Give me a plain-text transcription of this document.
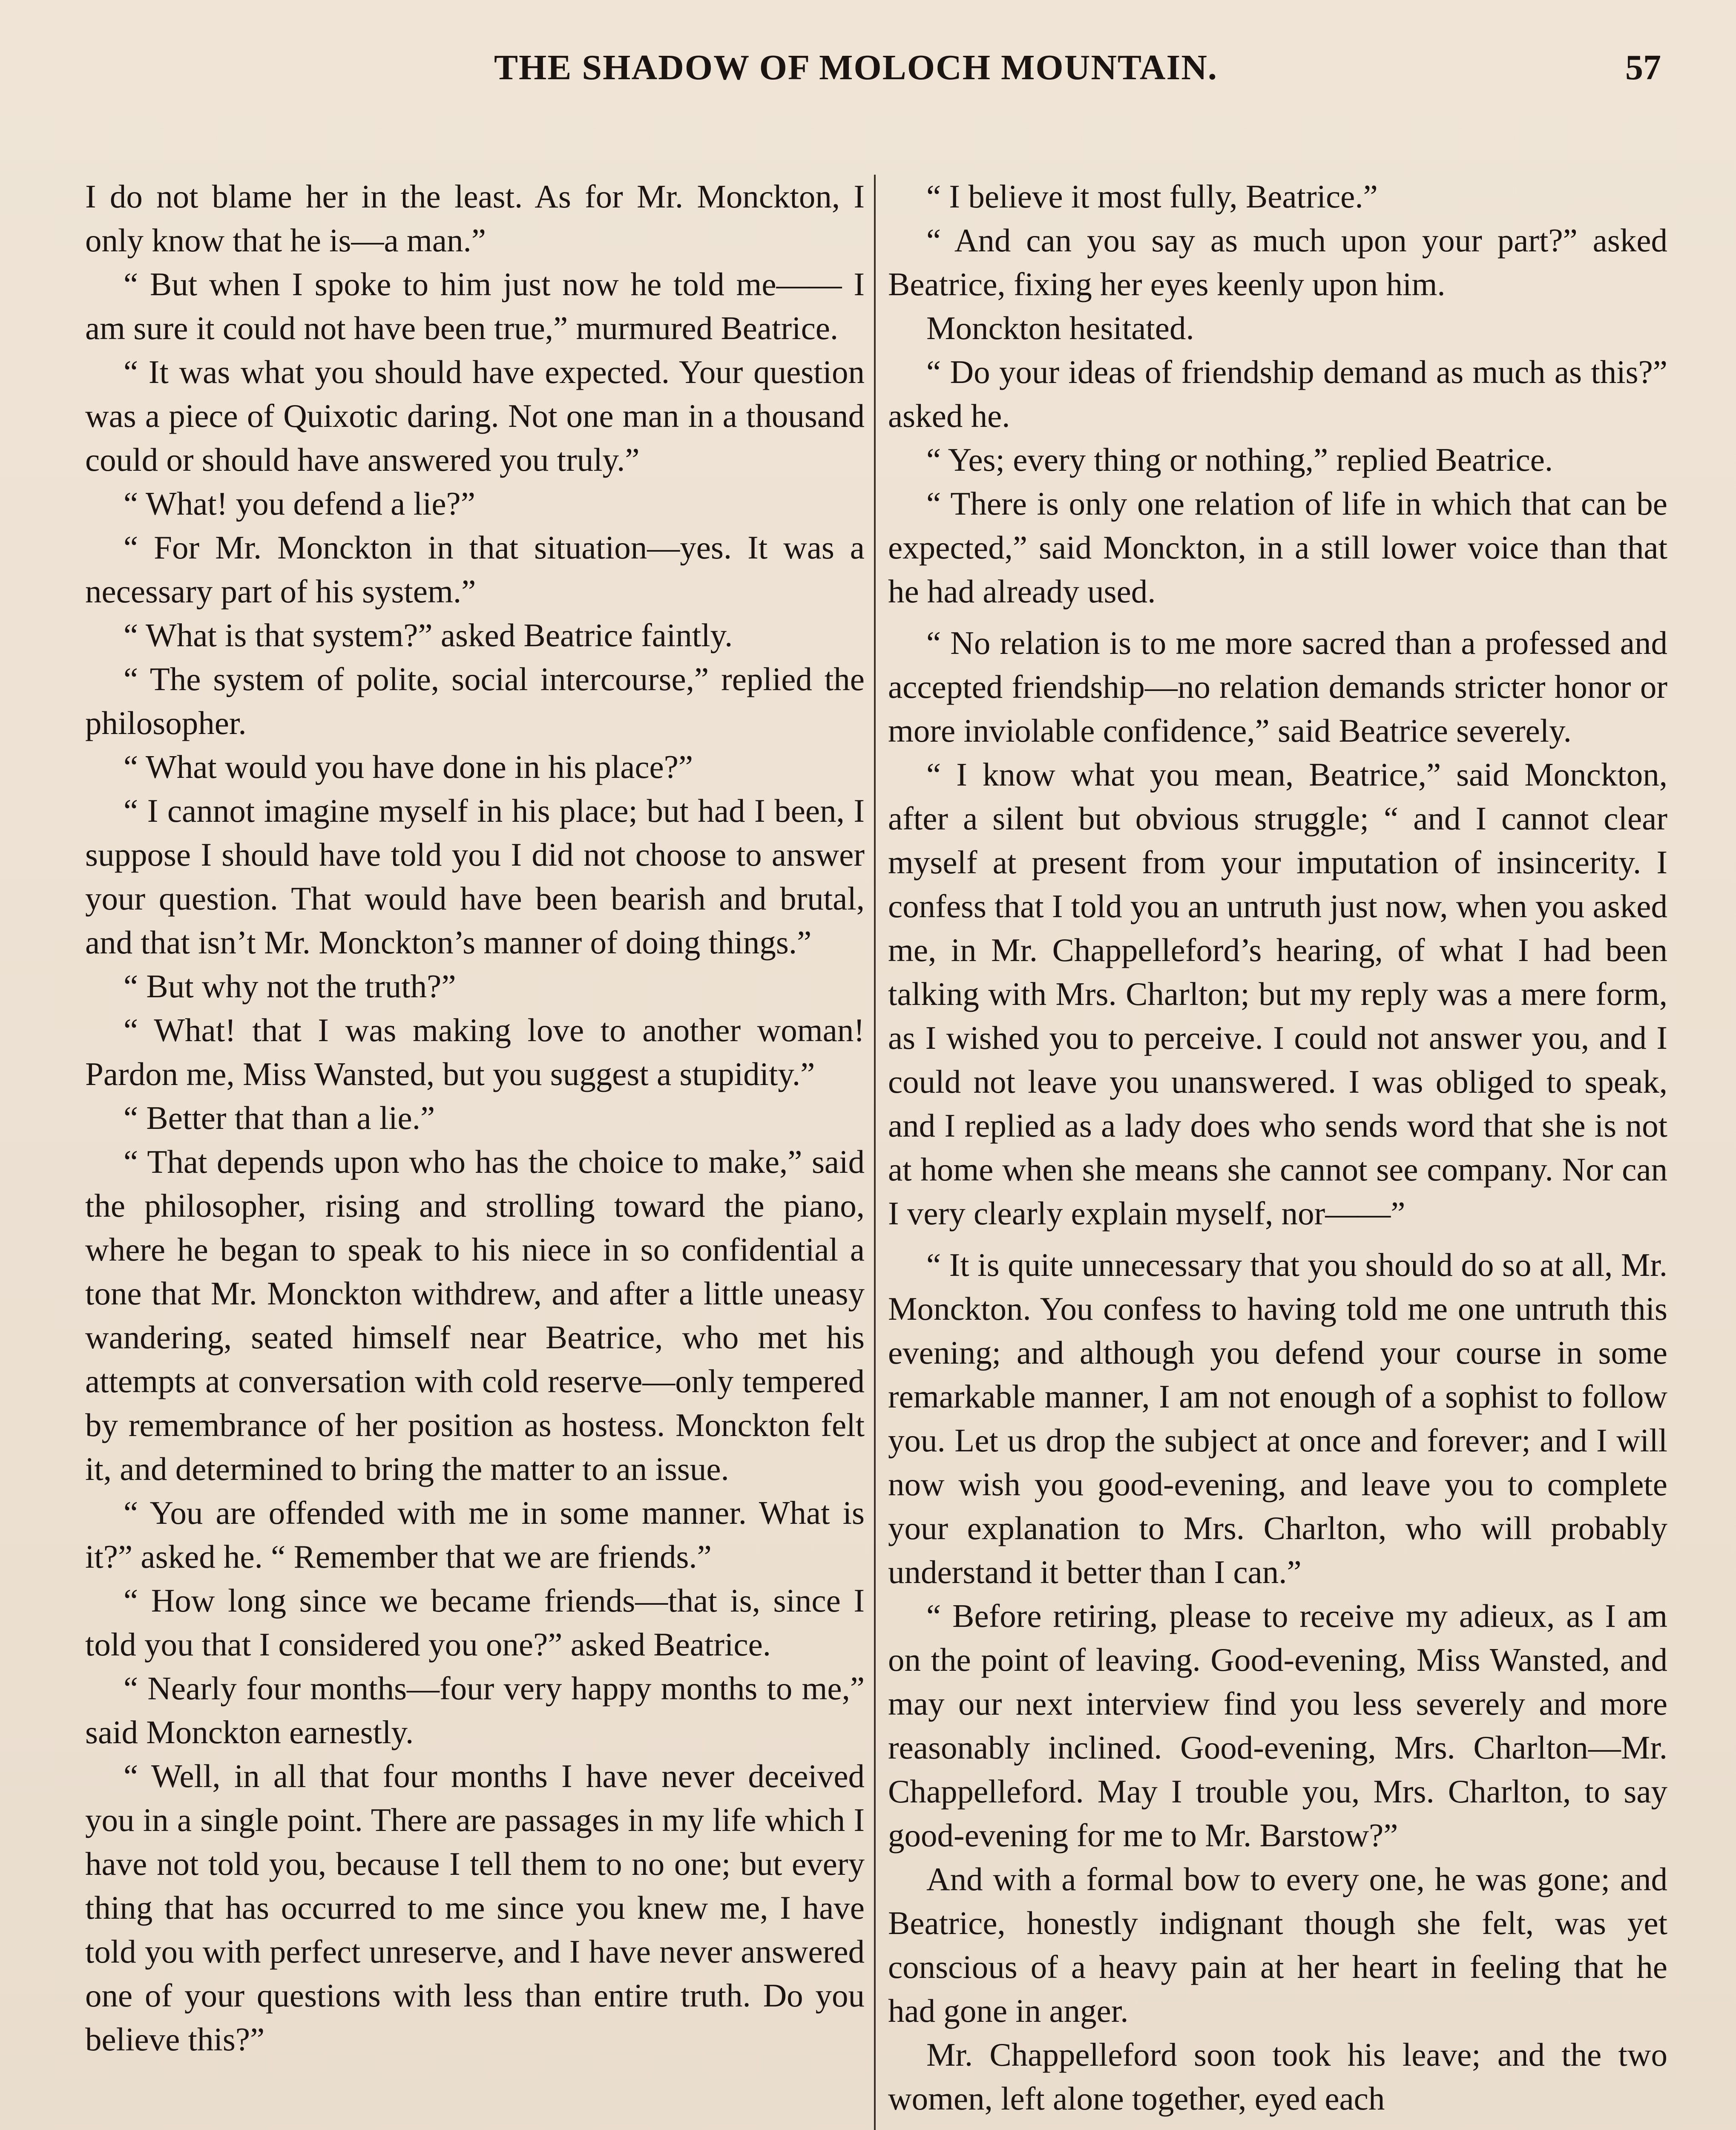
THE SHADOW OF MOLOCH MOUNTAIN.	57

I do not blame her in the least. As for Mr. Monckton, I only know that he is—a man.”

“ But when I spoke to him just now he told me—— I am sure it could not have been true,” murmured Beatrice.

“ It was what you should have expected. Your question was a piece of Quixotic daring. Not one man in a thousand could or should have answered you truly.”

“ What! you defend a lie?”

“ For Mr. Monckton in that situation—yes. It was a necessary part of his system.”

“ What is that system?” asked Beatrice faintly.

“ The system of polite, social intercourse,” replied the philosopher.

“ What would you have done in his place?”

“ I cannot imagine myself in his place; but had I been, I suppose I should have told you I did not choose to answer your question. That would have been bearish and brutal, and that isn’t Mr. Monckton’s manner of doing things.”

“ But why not the truth?”

“ What! that I was making love to another woman! Pardon me, Miss Wansted, but you suggest a stupidity.”

“ Better that than a lie.”

“ That depends upon who has the choice to make,” said the philosopher, rising and strolling toward the piano, where he began to speak to his niece in so confidential a tone that Mr. Monckton withdrew, and after a little uneasy wandering, seated himself near Beatrice, who met his attempts at conversation with cold reserve—only tempered by remembrance of her position as hostess. Monckton felt it, and determined to bring the matter to an issue.

“ You are offended with me in some manner. What is it?” asked he. “ Remember that we are friends.”

“ How long since we became friends—that is, since I told you that I considered you one?” asked Beatrice.

“ Nearly four months—four very happy months to me,” said Monckton earnestly.

“ Well, in all that four months I have never deceived you in a single point. There are passages in my life which I have not told you, because I tell them to no one; but every thing that has occurred to me since you knew me, I have told you with perfect unreserve, and I have never answered one of your questions with less than entire truth. Do you believe this?”

“ I believe it most fully, Beatrice.”

“ And can you say as much upon your part?” asked Beatrice, fixing her eyes keenly upon him.

Monckton hesitated.

“ Do your ideas of friendship demand as much as this?” asked he.

“ Yes; every thing or nothing,” replied Beatrice.

“ There is only one relation of life in which that can be expected,” said Monckton, in a still lower voice than that he had already used.

“ No relation is to me more sacred than a professed and accepted friendship—no relation demands stricter honor or more inviolable confidence,” said Beatrice severely.

“ I know what you mean, Beatrice,” said Monckton, after a silent but obvious struggle; “ and I cannot clear myself at present from your imputation of insincerity. I confess that I told you an untruth just now, when you asked me, in Mr. Chappelleford’s hearing, of what I had been talking with Mrs. Charlton; but my reply was a mere form, as I wished you to perceive. I could not answer you, and I could not leave you unanswered. I was obliged to speak, and I replied as a lady does who sends word that she is not at home when she means she cannot see company. Nor can I very clearly explain myself, nor——”

“ It is quite unnecessary that you should do so at all, Mr. Monckton. You confess to having told me one untruth this evening; and although you defend your course in some remarkable manner, I am not enough of a sophist to follow you. Let us drop the subject at once and forever; and I will now wish you good-evening, and leave you to complete your explanation to Mrs. Charlton, who will probably understand it better than I can.”

“ Before retiring, please to receive my adieux, as I am on the point of leaving. Good-evening, Miss Wansted, and may our next interview find you less severely and more reasonably inclined. Good-evening, Mrs. Charlton—Mr. Chappelleford. May I trouble you, Mrs. Charlton, to say good-evening for me to Mr. Barstow?”

And with a formal bow to every one, he was gone; and Beatrice, honestly indignant though she felt, was yet conscious of a heavy pain at her heart in feeling that he had gone in anger.

Mr. Chappelleford soon took his leave; and the two women, left alone together, eyed each
